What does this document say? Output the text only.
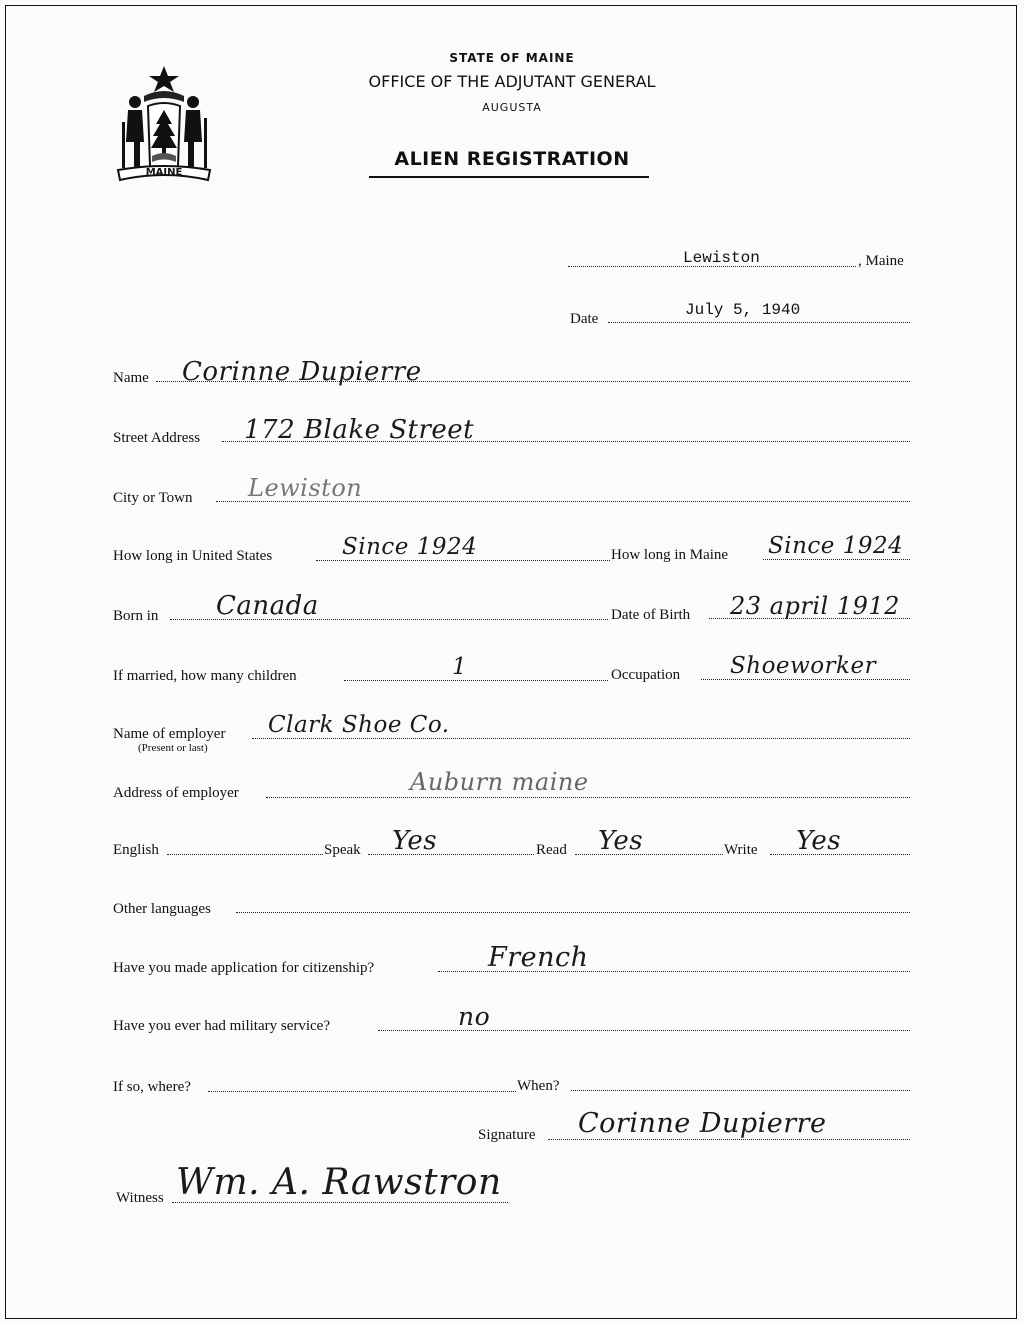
MAINE
STATE OF MAINE
OFFICE OF THE ADJUTANT GENERAL
AUGUSTA
ALIEN REGISTRATION
Lewiston	, Maine
Date	July 5, 1940
Name Corinne Dupierre
Street Address 172 Blake Street
City or Town Lewiston
How long in United States	Since 1924	How long in Maine Since 1924
Born in Canada	Date of Birth 23 april 1912
If married, how many children	1	Occupation Shoeworker
Name of employer
(Present or last)
Clark Shoe Co.
Address of employer	Auburn maine
English	Speak Yes	Read Yes	Write Yes
Other languages
Have you made application for citizenship?	French
Have you ever had military service?	no
If so, where?	When?
Signature Corinne Dupierre
Witness Wm. A. Rawstron
